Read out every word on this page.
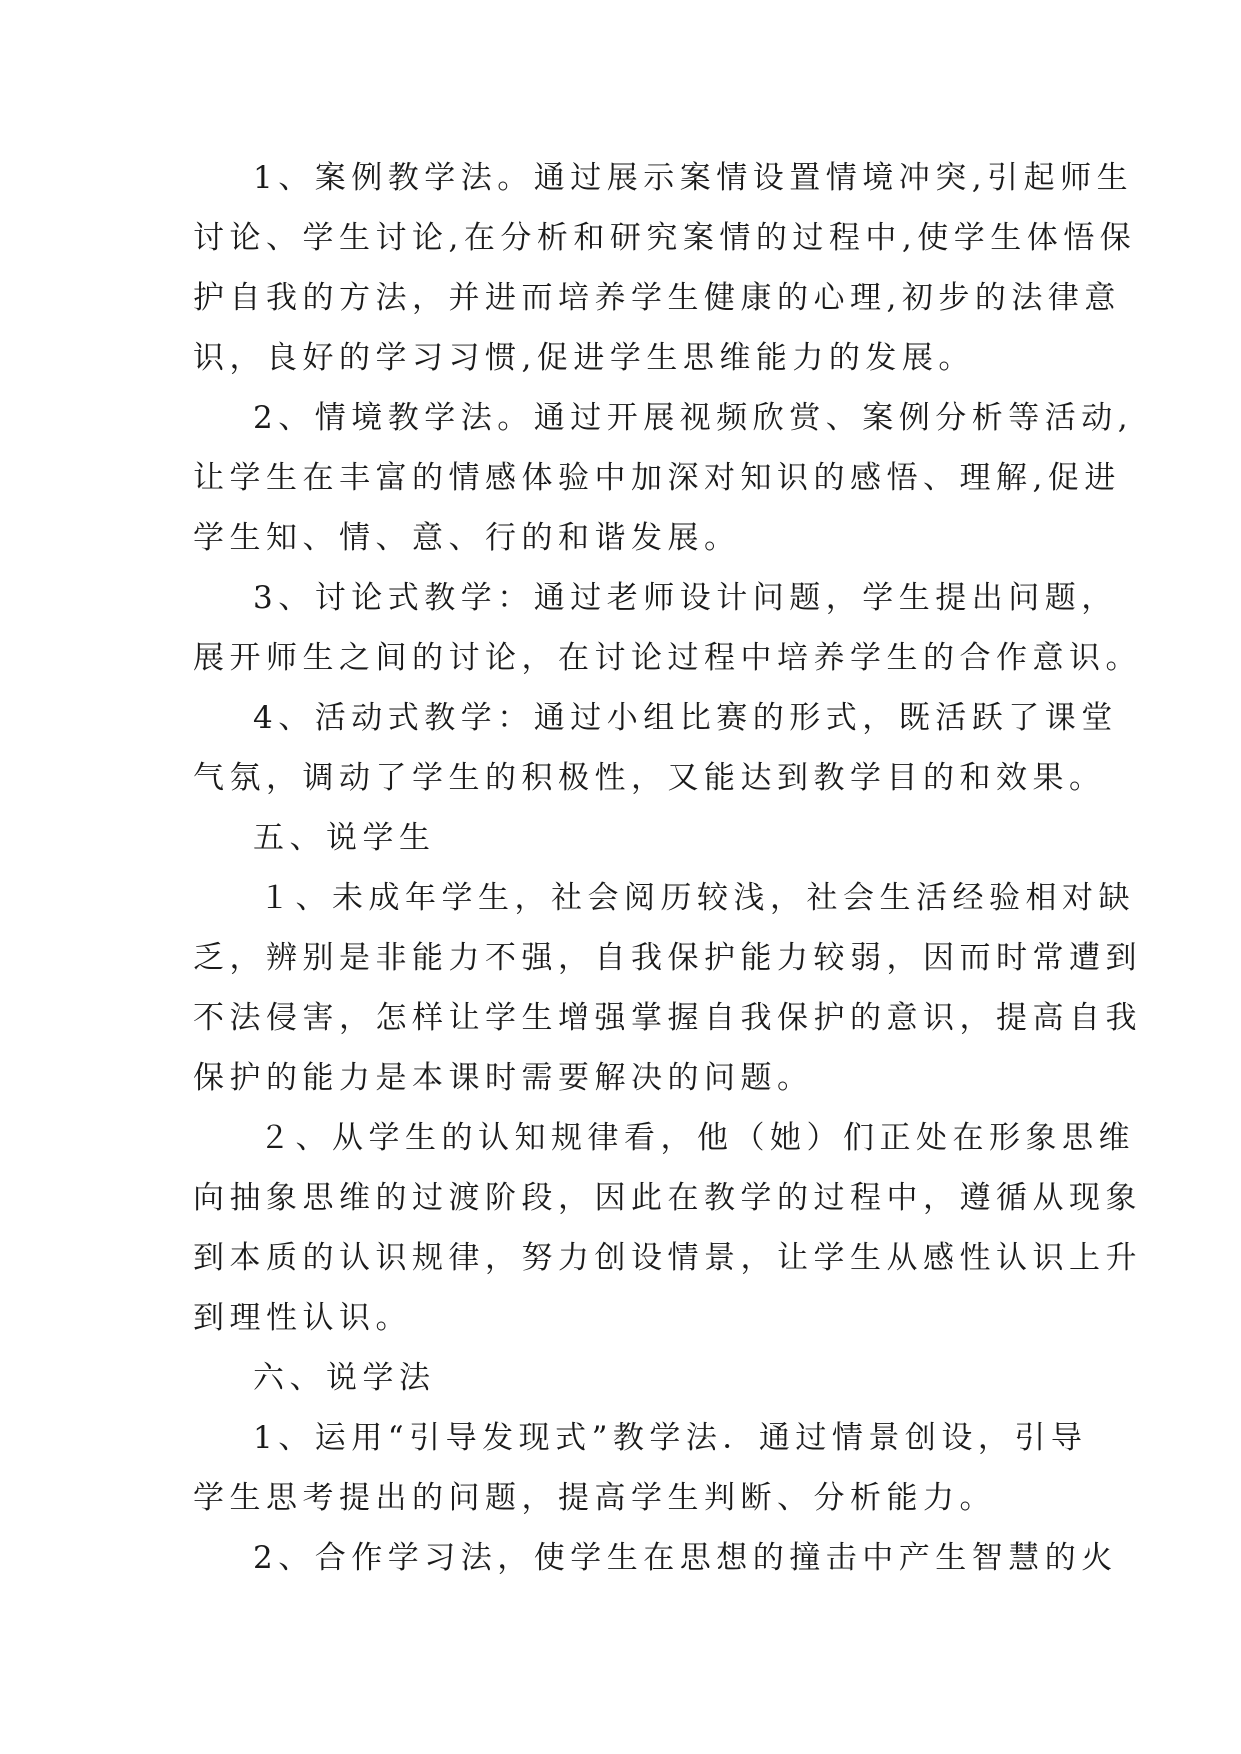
1、案例教学法。通过展示案情设置情境冲突,引起师生
讨论、学生讨论,在分析和研究案情的过程中,使学生体悟保
护自我的方法，并进而培养学生健康的心理,初步的法律意
识，良好的学习习惯,促进学生思维能力的发展。
2、情境教学法。通过开展视频欣赏、案例分析等活动,
让学生在丰富的情感体验中加深对知识的感悟、理解,促进
学生知、情、意、行的和谐发展。
3、讨论式教学：通过老师设计问题，学生提出问题，
展开师生之间的讨论，在讨论过程中培养学生的合作意识。
4、活动式教学：通过小组比赛的形式，既活跃了课堂
气氛，调动了学生的积极性，又能达到教学目的和效果。
五、说学生
１、未成年学生，社会阅历较浅，社会生活经验相对缺
乏，辨别是非能力不强，自我保护能力较弱，因而时常遭到
不法侵害，怎样让学生增强掌握自我保护的意识，提高自我
保护的能力是本课时需要解决的问题。
２、从学生的认知规律看，他（她）们正处在形象思维
向抽象思维的过渡阶段，因此在教学的过程中，遵循从现象
到本质的认识规律，努力创设情景，让学生从感性认识上升
到理性认识。
六、说学法
1、运用“引导发现式”教学法．通过情景创设，引导
学生思考提出的问题，提高学生判断、分析能力。
2、合作学习法，使学生在思想的撞击中产生智慧的火
